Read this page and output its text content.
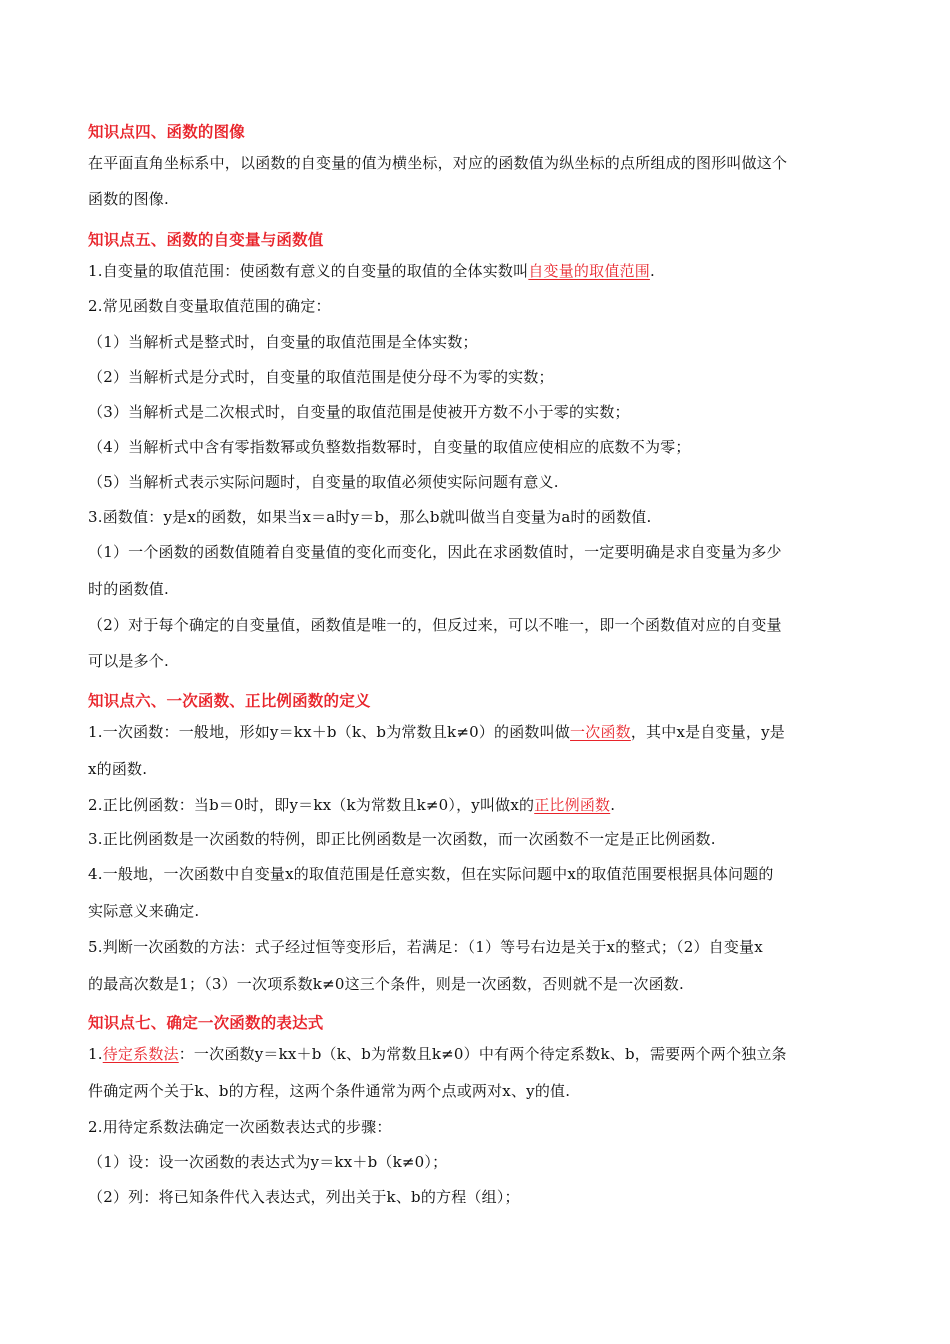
知识点四、函数的图像
在平面直角坐标系中，以函数的自变量的值为横坐标，对应的函数值为纵坐标的点所组成的图形叫做这个
函数的图像.
知识点五、函数的自变量与函数值
1.自变量的取值范围：使函数有意义的自变量的取值的全体实数叫自变量的取值范围.
2.常见函数自变量取值范围的确定：
（1）当解析式是整式时，自变量的取值范围是全体实数；
（2）当解析式是分式时，自变量的取值范围是使分母不为零的实数；
（3）当解析式是二次根式时，自变量的取值范围是使被开方数不小于零的实数；
（4）当解析式中含有零指数幂或负整数指数幂时，自变量的取值应使相应的底数不为零；
（5）当解析式表示实际问题时，自变量的取值必须使实际问题有意义.
3.函数值：y是x的函数，如果当x＝a时y＝b，那么b就叫做当自变量为a时的函数值.
（1）一个函数的函数值随着自变量值的变化而变化，因此在求函数值时，一定要明确是求自变量为多少
时的函数值.
（2）对于每个确定的自变量值，函数值是唯一的，但反过来，可以不唯一，即一个函数值对应的自变量
可以是多个.
知识点六、一次函数、正比例函数的定义
1.一次函数：一般地，形如y＝kx＋b（k、b为常数且k≠0）的函数叫做一次函数，其中x是自变量，y是
x的函数.
2.正比例函数：当b＝0时，即y＝kx（k为常数且k≠0），y叫做x的正比例函数.
3.正比例函数是一次函数的特例，即正比例函数是一次函数，而一次函数不一定是正比例函数.
4.一般地，一次函数中自变量x的取值范围是任意实数，但在实际问题中x的取值范围要根据具体问题的
实际意义来确定.
5.判断一次函数的方法：式子经过恒等变形后，若满足：（1）等号右边是关于x的整式；（2）自变量x
的最高次数是1；（3）一次项系数k≠0这三个条件，则是一次函数，否则就不是一次函数.
知识点七、确定一次函数的表达式
1.待定系数法：一次函数y＝kx＋b（k、b为常数且k≠0）中有两个待定系数k、b，需要两个两个独立条
件确定两个关于k、b的方程，这两个条件通常为两个点或两对x、y的值.
2.用待定系数法确定一次函数表达式的步骤：
（1）设：设一次函数的表达式为y＝kx＋b（k≠0）；
（2）列：将已知条件代入表达式，列出关于k、b的方程（组）；
